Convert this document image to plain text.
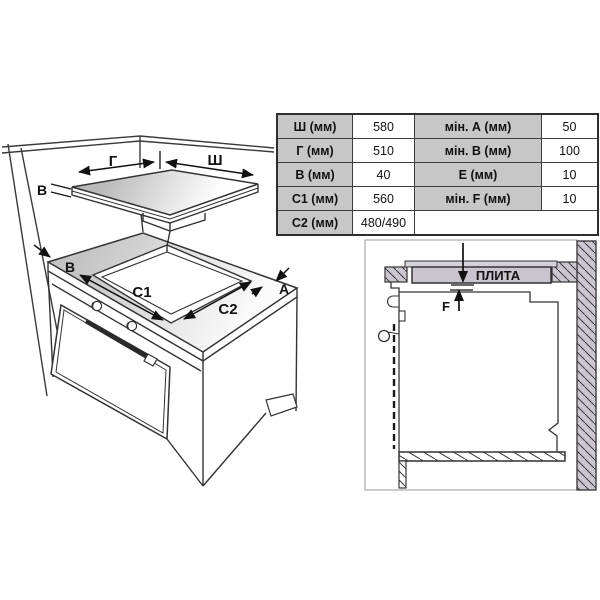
Г	Ш
В
B
С1
С2
A
Ш (мм)	580	мін. А (мм)	50
Г (мм)	510	мін. В (мм)	100
В (мм)	40	Е (мм)	10
С1 (мм)	560	мін. F (мм)	10
С2 (мм)	480/490		
ПЛИТА
F
